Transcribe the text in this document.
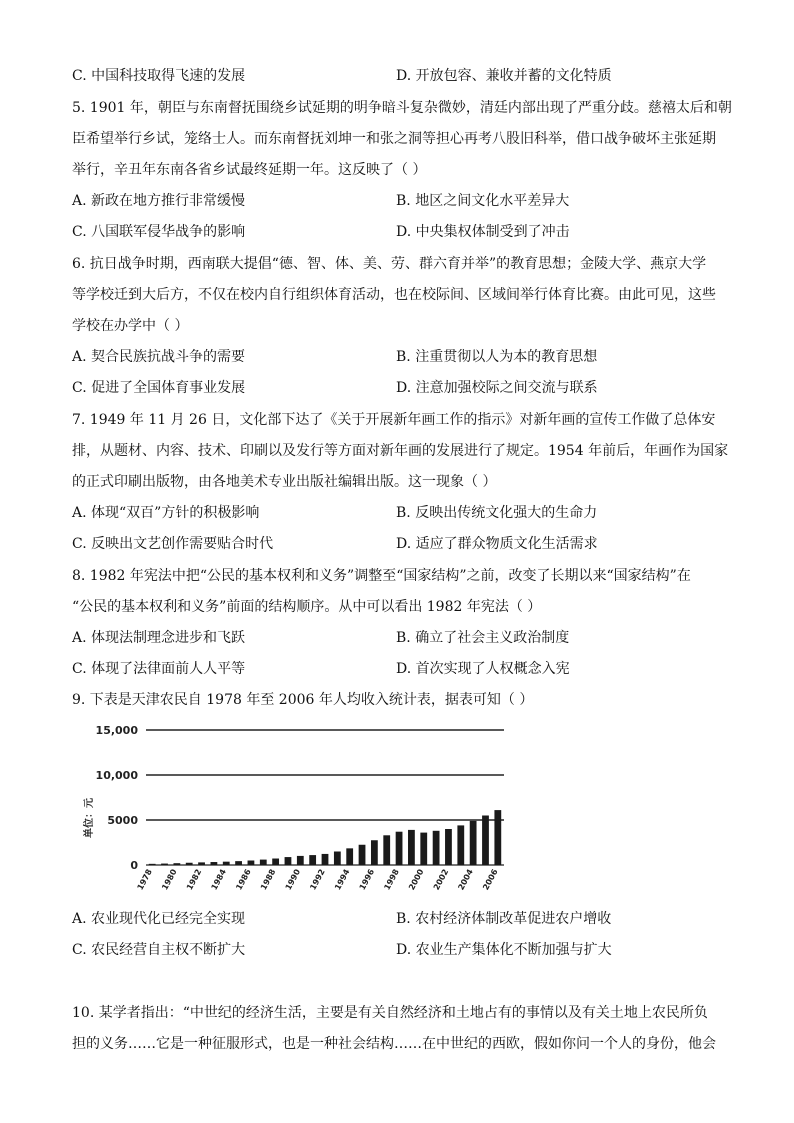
C. 中国科技取得飞速的发展	D. 开放包容、兼收并蓄的文化特质
5. 1901 年，朝臣与东南督抚围绕乡试延期的明争暗斗复杂微妙，清廷内部出现了严重分歧。慈禧太后和朝
臣希望举行乡试，笼络士人。而东南督抚刘坤一和张之洞等担心再考八股旧科举，借口战争破坏主张延期
举行，辛丑年东南各省乡试最终延期一年。这反映了（ ）
A. 新政在地方推行非常缓慢	B. 地区之间文化水平差异大
C. 八国联军侵华战争的影响	D. 中央集权体制受到了冲击
6. 抗日战争时期，西南联大提倡“德、智、体、美、劳、群六育并举”的教育思想；金陵大学、燕京大学
等学校迁到大后方，不仅在校内自行组织体育活动，也在校际间、区域间举行体育比赛。由此可见，这些
学校在办学中（ ）
A. 契合民族抗战斗争的需要	B. 注重贯彻以人为本的教育思想
C. 促进了全国体育事业发展	D. 注意加强校际之间交流与联系
7. 1949 年 11 月 26 日，文化部下达了《关于开展新年画工作的指示》对新年画的宣传工作做了总体安
排，从题材、内容、技术、印刷以及发行等方面对新年画的发展进行了规定。1954 年前后，年画作为国家
的正式印刷出版物，由各地美术专业出版社编辑出版。这一现象（ ）
A. 体现“双百”方针的积极影响	B. 反映出传统文化强大的生命力
C. 反映出文艺创作需要贴合时代	D. 适应了群众物质文化生活需求
8. 1982 年宪法中把“公民的基本权利和义务”调整至“国家结构”之前，改变了长期以来“国家结构”在
“公民的基本权利和义务”前面的结构顺序。从中可以看出 1982 年宪法（ ）
A. 体现法制理念进步和飞跃	B. 确立了社会主义政治制度
C. 体现了法律面前人人平等	D. 首次实现了人权概念入宪
9. 下表是天津农民自 1978 年至 2006 年人均收入统计表，据表可知（ ）
0
5000
10,000
15,000
1978 1980 1982 1984 1986 1988 1990 1992 1994 1996 1998 2000 2002 2004 2006
单位：元
A. 农业现代化已经完全实现	B. 农村经济体制改革促进农户增收
C. 农民经营自主权不断扩大	D. 农业生产集体化不断加强与扩大
10. 某学者指出：“中世纪的经济生活，主要是有关自然经济和土地占有的事情以及有关土地上农民所负
担的义务……它是一种征服形式，也是一种社会结构……在中世纪的西欧，假如你问一个人的身份，他会
